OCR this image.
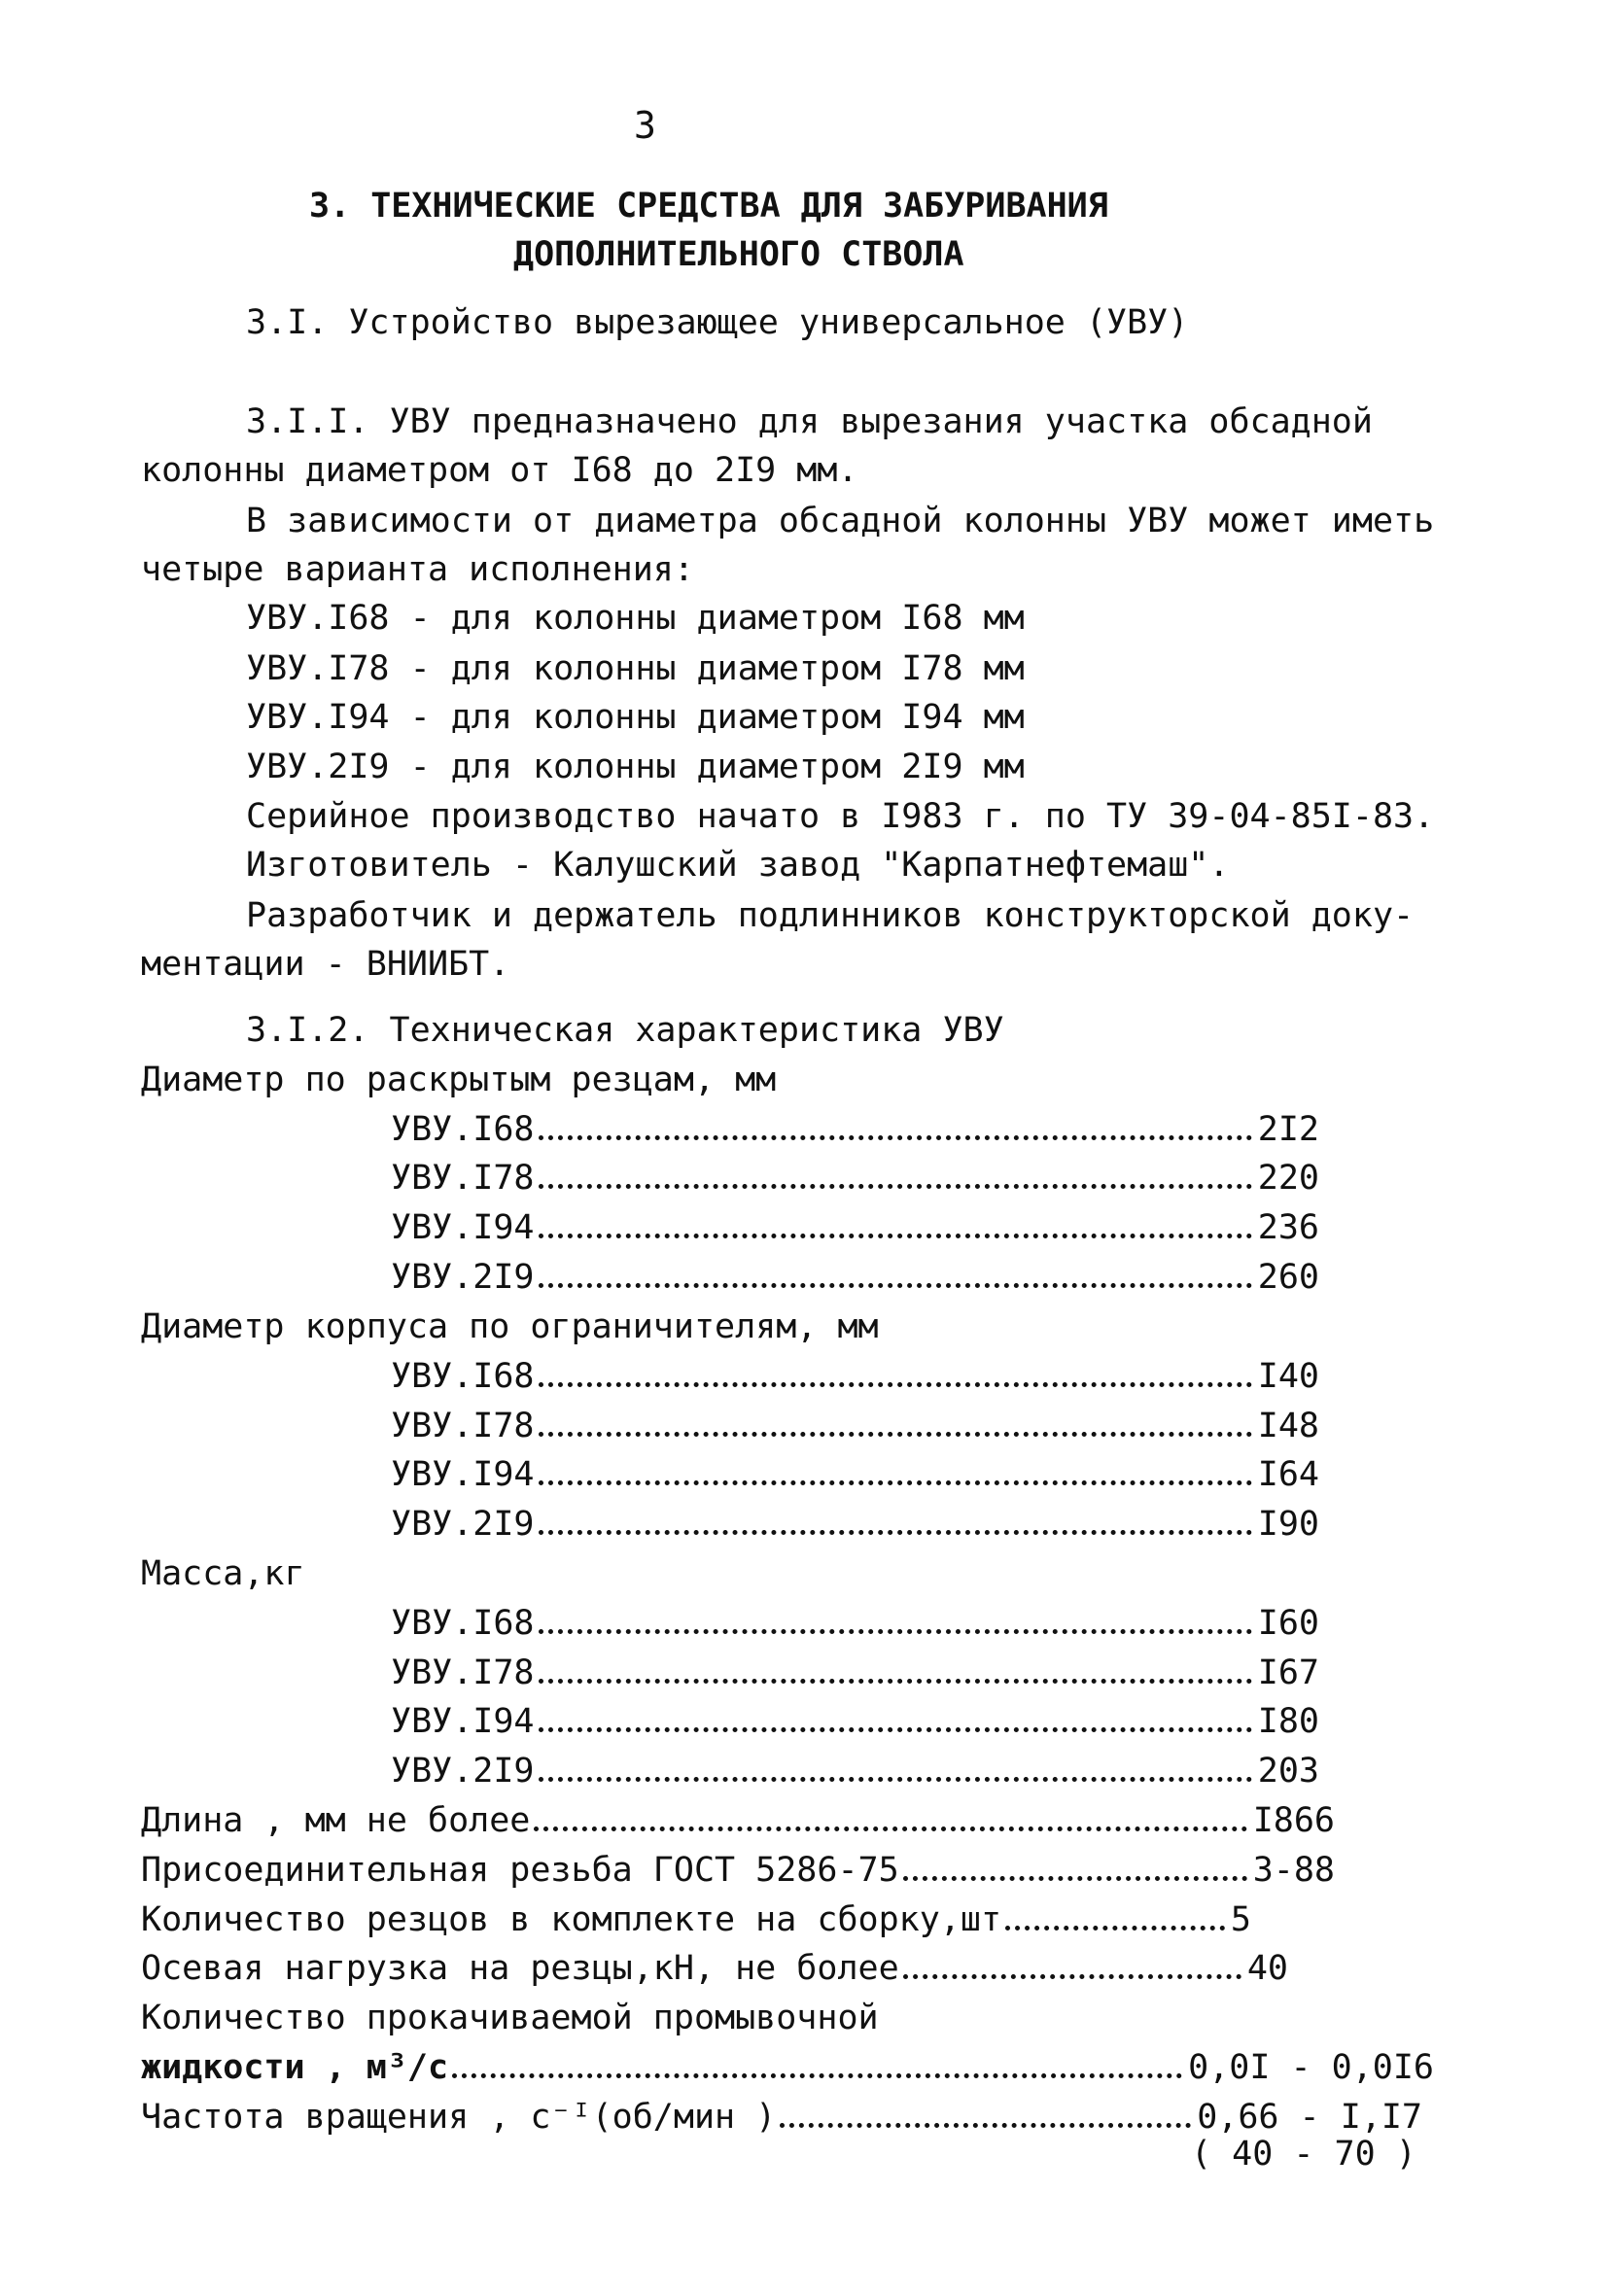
3
3. ТЕХНИЧЕСКИЕ СРЕДСТВА ДЛЯ ЗАБУРИВАНИЯ
ДОПОЛНИТЕЛЬНОГО СТВОЛА
3.I. Устройство вырезающее универсальное (УВУ)
3.I.I. УВУ предназначено для вырезания участка обсадной
колонны диаметром от I68 до 2I9 мм.
В зависимости от диаметра обсадной колонны УВУ может иметь
четыре варианта исполнения:
УВУ.I68 - для колонны диаметром I68 мм
УВУ.I78 - для колонны диаметром I78 мм
УВУ.I94 - для колонны диаметром I94 мм
УВУ.2I9 - для колонны диаметром 2I9 мм
Серийное производство начато в I983 г. по ТУ 39-04-85I-83.
Изготовитель - Калушский завод "Карпатнефтемаш".
Разработчик и держатель подлинников конструкторской доку-
ментации - ВНИИБТ.
3.I.2. Техническая характеристика УВУ
Диаметр по раскрытым резцам, мм
УВУ.I68	2I2
УВУ.I78	220
УВУ.I94	236
УВУ.2I9	260
Диаметр корпуса по ограничителям, мм
УВУ.I68	I40
УВУ.I78	I48
УВУ.I94	I64
УВУ.2I9	I90
Масса,кг
УВУ.I68	I60
УВУ.I78	I67
УВУ.I94	I80
УВУ.2I9	203
Длина , мм не более	I866
Присоединительная резьба ГОСТ 5286-75	З-88
Количество резцов в комплекте на сборку,шт	5
Осевая нагрузка на резцы,кН, не более	40
Количество прокачиваемой промывочной
жидкости , м³/с	0,0I - 0,0I6
Частота вращения , с⁻ᴵ(об/мин )	0,66 - I,I7
( 40 - 70 )
